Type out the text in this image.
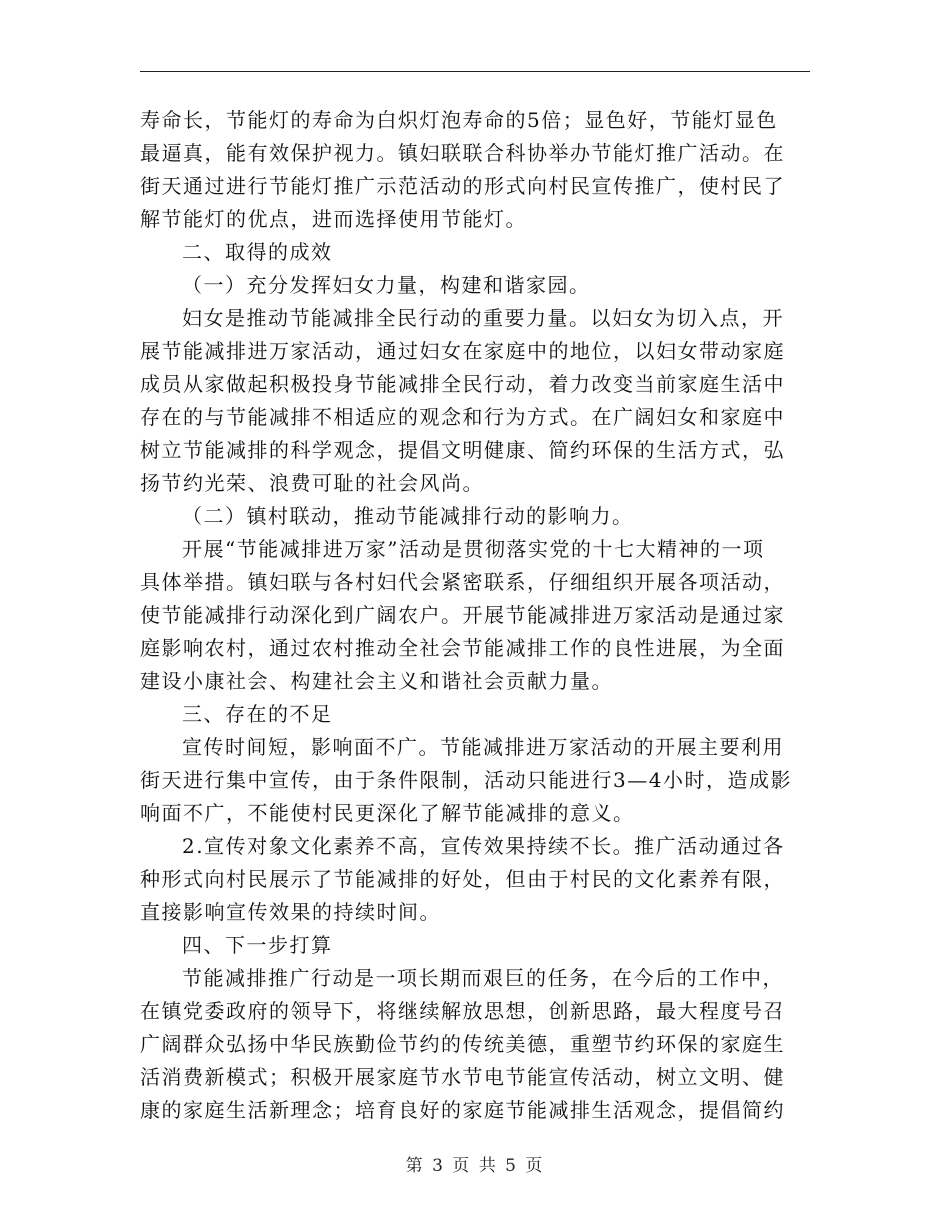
寿命长，节能灯的寿命为白炽灯泡寿命的5倍；显色好，节能灯显色

最逼真，能有效保护视力。镇妇联联合科协举办节能灯推广活动。在

街天通过进行节能灯推广示范活动的形式向村民宣传推广，使村民了

解节能灯的优点，进而选择使用节能灯。

二、取得的成效

（一）充分发挥妇女力量，构建和谐家园。

妇女是推动节能减排全民行动的重要力量。以妇女为切入点，开

展节能减排进万家活动，通过妇女在家庭中的地位，以妇女带动家庭

成员从家做起积极投身节能减排全民行动，着力改变当前家庭生活中

存在的与节能减排不相适应的观念和行为方式。在广阔妇女和家庭中

树立节能减排的科学观念，提倡文明健康、简约环保的生活方式，弘

扬节约光荣、浪费可耻的社会风尚。

（二）镇村联动，推动节能减排行动的影响力。

开展“节能减排进万家”活动是贯彻落实党的十七大精神的一项

具体举措。镇妇联与各村妇代会紧密联系，仔细组织开展各项活动，

使节能减排行动深化到广阔农户。开展节能减排进万家活动是通过家

庭影响农村，通过农村推动全社会节能减排工作的良性进展，为全面

建设小康社会、构建社会主义和谐社会贡献力量。

三、存在的不足

宣传时间短，影响面不广。节能减排进万家活动的开展主要利用

街天进行集中宣传，由于条件限制，活动只能进行3—4小时，造成影

响面不广，不能使村民更深化了解节能减排的意义。

2.宣传对象文化素养不高，宣传效果持续不长。推广活动通过各

种形式向村民展示了节能减排的好处，但由于村民的文化素养有限，

直接影响宣传效果的持续时间。

四、下一步打算

节能减排推广行动是一项长期而艰巨的任务，在今后的工作中，

在镇党委政府的领导下，将继续解放思想，创新思路，最大程度号召

广阔群众弘扬中华民族勤俭节约的传统美德，重塑节约环保的家庭生

活消费新模式；积极开展家庭节水节电节能宣传活动，树立文明、健

康的家庭生活新理念；培育良好的家庭节能减排生活观念，提倡简约

第 3 页 共 5 页
